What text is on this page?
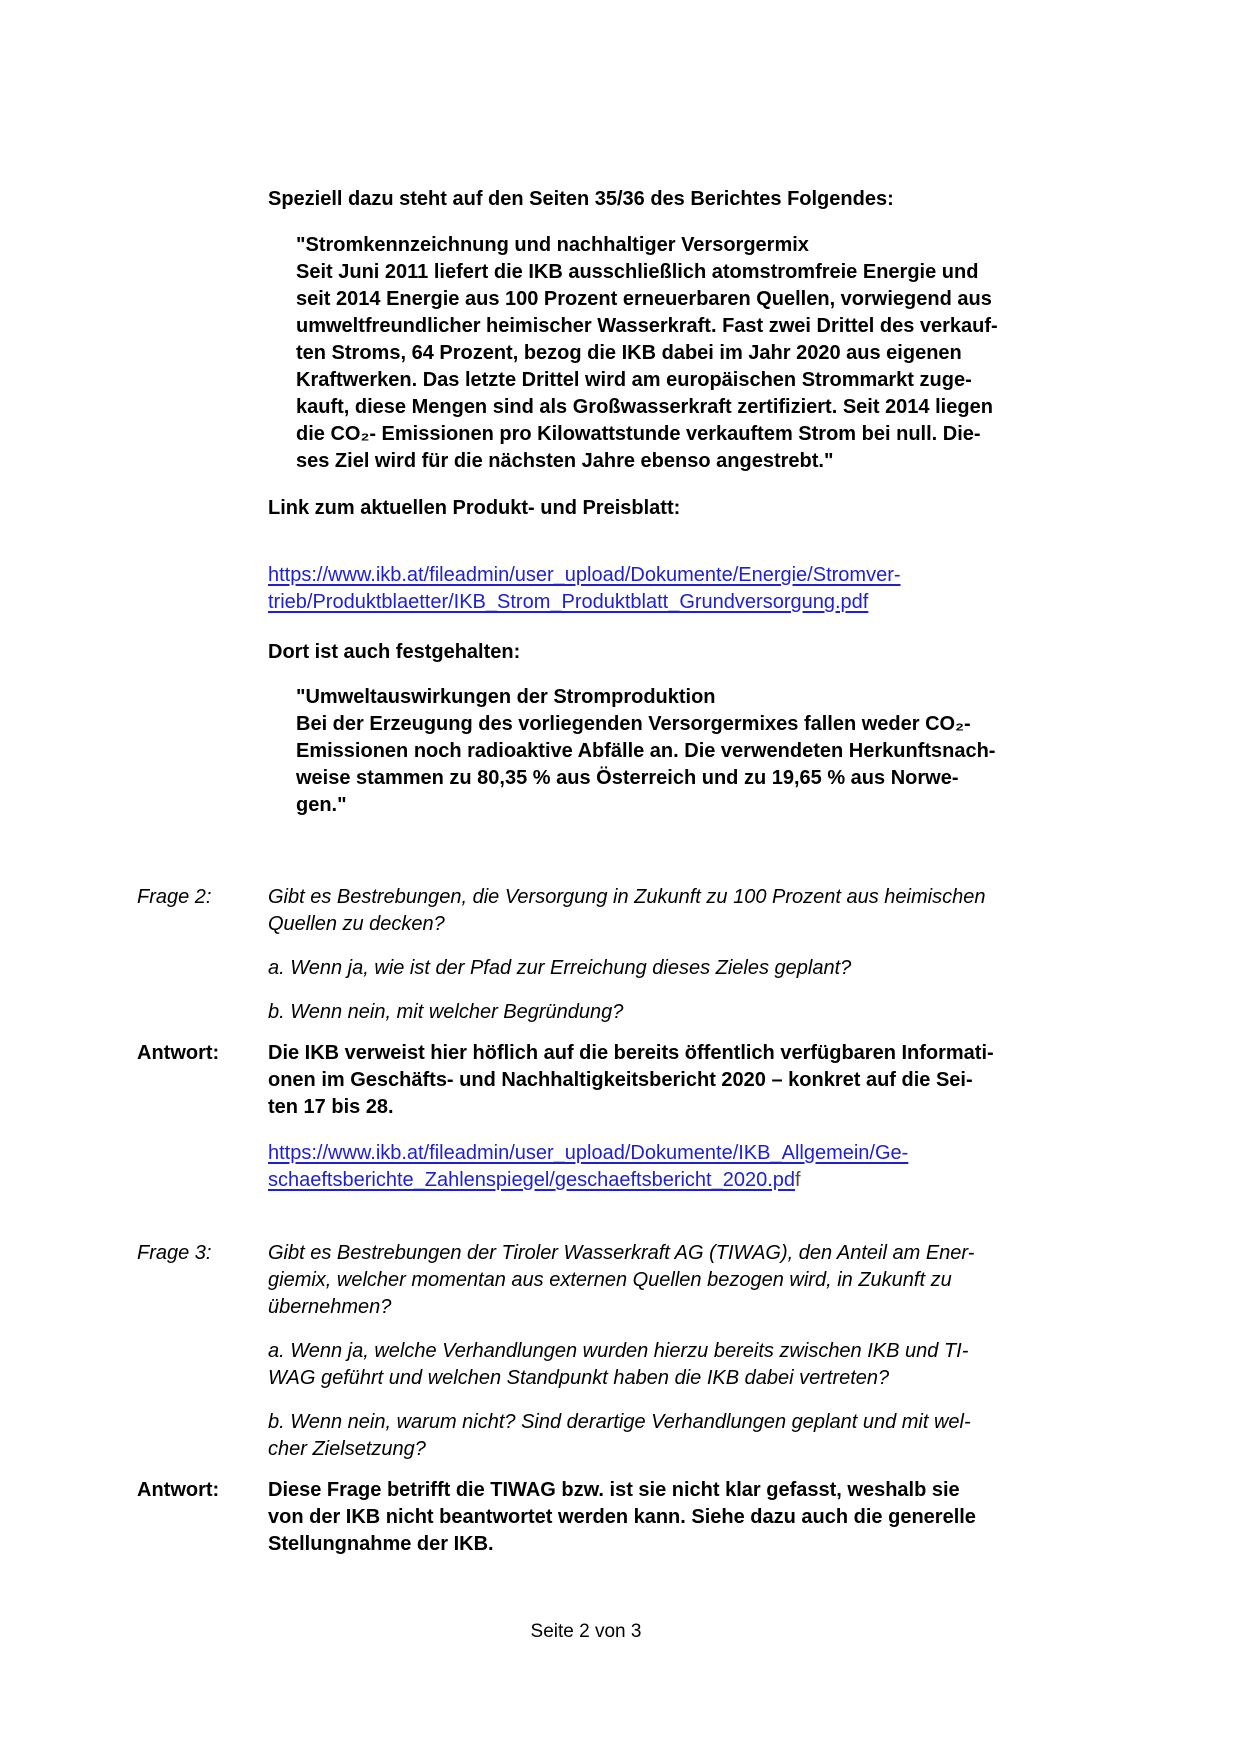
Speziell dazu steht auf den Seiten 35/36 des Berichtes Folgendes:

"Stromkennzeichnung und nachhaltiger Versorgermix
Seit Juni 2011 liefert die IKB ausschließlich atomstromfreie Energie und
seit 2014 Energie aus 100 Prozent erneuerbaren Quellen, vorwiegend aus
umweltfreundlicher heimischer Wasserkraft. Fast zwei Drittel des verkauf-
ten Stroms, 64 Prozent, bezog die IKB dabei im Jahr 2020 aus eigenen
Kraftwerken. Das letzte Drittel wird am europäischen Strommarkt zuge-
kauft, diese Mengen sind als Großwasserkraft zertifiziert. Seit 2014 liegen
die CO₂- Emissionen pro Kilowattstunde verkauftem Strom bei null. Die-
ses Ziel wird für die nächsten Jahre ebenso angestrebt."

Link zum aktuellen Produkt- und Preisblatt:

https://www.ikb.at/fileadmin/user_upload/Dokumente/Energie/Stromver-
trieb/Produktblaetter/IKB_Strom_Produktblatt_Grundversorgung.pdf

Dort ist auch festgehalten:

"Umweltauswirkungen der Stromproduktion
Bei der Erzeugung des vorliegenden Versorgermixes fallen weder CO₂-
Emissionen noch radioaktive Abfälle an. Die verwendeten Herkunftsnach-
weise stammen zu 80,35 % aus Österreich und zu 19,65 % aus Norwe-
gen."
Frage 2:	Gibt es Bestrebungen, die Versorgung in Zukunft zu 100 Prozent aus heimischen
Quellen zu decken?
a. Wenn ja, wie ist der Pfad zur Erreichung dieses Zieles geplant?
b. Wenn nein, mit welcher Begründung?
Antwort:	Die IKB verweist hier höflich auf die bereits öffentlich verfügbaren Informati-
onen im Geschäfts- und Nachhaltigkeitsbericht 2020 – konkret auf die Sei-
ten 17 bis 28.
https://www.ikb.at/fileadmin/user_upload/Dokumente/IKB_Allgemein/Ge-
schaeftsberichte_Zahlenspiegel/geschaeftsbericht_2020.pdf
Frage 3:	Gibt es Bestrebungen der Tiroler Wasserkraft AG (TIWAG), den Anteil am Ener-
giemix, welcher momentan aus externen Quellen bezogen wird, in Zukunft zu
übernehmen?
a. Wenn ja, welche Verhandlungen wurden hierzu bereits zwischen IKB und TI-
WAG geführt und welchen Standpunkt haben die IKB dabei vertreten?
b. Wenn nein, warum nicht? Sind derartige Verhandlungen geplant und mit wel-
cher Zielsetzung?
Antwort:	Diese Frage betrifft die TIWAG bzw. ist sie nicht klar gefasst, weshalb sie
von der IKB nicht beantwortet werden kann. Siehe dazu auch die generelle
Stellungnahme der IKB.
Seite 2 von 3
